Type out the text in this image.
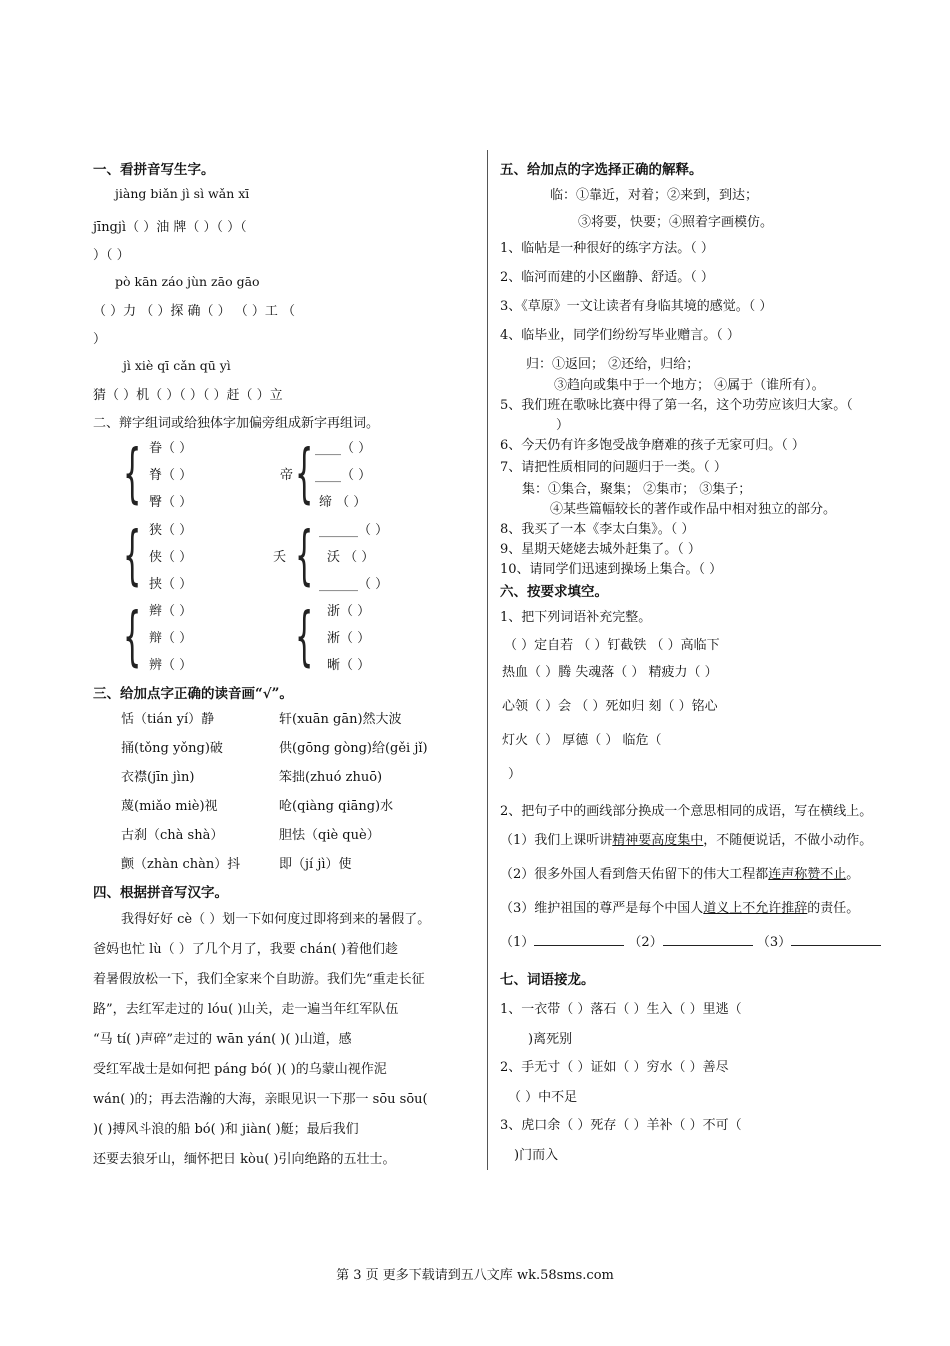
一、看拼音写生字。
jiàng biǎn jì sì wǎn xī
jīngjì（ ）油 牌（ ）（ ）（
）（ ）
pò kān záo jùn zāo gāo
（ ）力 （ ）探 确（ ） （ ）工 （
）
jì xiè qī cǎn qū yì
猜（ ）机（ ）（ ）（ ）赶（ ）立
二、辩字组词或给独体字加偏旁组成新字再组词。
{ 眷（ ）
脊（ ）
臀（ ）
帝 { ____（ ）
____（ ）
缔 （ ）
{ 狭（ ）
侠（ ）
挟（ ）
夭 { ______（ ）
沃 （ ）
______（ ）
{ 辫（ ）
辩（ ）
辨（ ） { 浙（ ）
淅（ ）
晰（ ）
三、给加点字正确的读音画“√”。
恬（tián yí）静	轩(xuān gān)然大波
捅(tǒng yǒng)破	供(gōng gòng)给(gěi jǐ)
衣襟(jīn jìn)	笨拙(zhuó zhuō)
蔑(miǎo miè)视	呛(qiàng qiāng)水
古刹（chà shà）	胆怯（qiè què）
颤（zhàn chàn）抖	即（jí jì）使
四、根据拼音写汉字。
我得好好 cè（ ）划一下如何度过即将到来的暑假了。
爸妈也忙 lù（ ）了几个月了，我要 chán( )着他们趁
着暑假放松一下，我们全家来个自助游。我们先“重走长征
路”，去红军走过的 lóu( )山关，走一遍当年红军队伍
“马 tí( )声碎”走过的 wān yán( )( )山道，感
受红军战士是如何把 páng bó( )( )的乌蒙山视作泥
wán( )的；再去浩瀚的大海，亲眼见识一下那一 sōu sōu(
)( )搏风斗浪的船 bó( )和 jiàn( )艇；最后我们
还要去狼牙山，缅怀把日 kòu( )引向绝路的五壮士。
五、给加点的字选择正确的解释。
临：①靠近，对着；②来到，到达；
③将要，快要；④照着字画模仿。
1、临帖是一种很好的练字方法。（ ）
2、临河而建的小区幽静、舒适。（ ）
3、《草原》一文让读者有身临其境的感觉。（ ）
4、临毕业，同学们纷纷写毕业赠言。（ ）
归：①返回； ②还给，归给；
③趋向或集中于一个地方； ④属于（谁所有）。
5、我们班在歌咏比赛中得了第一名，这个功劳应该归大家。（
）
6、今天仍有许多饱受战争磨难的孩子无家可归。（ ）
7、请把性质相同的问题归于一类。（ ）
集：①集合，聚集； ②集市； ③集子；
④某些篇幅较长的著作或作品中相对独立的部分。
8、我买了一本《李太白集》。（ ）
9、星期天姥姥去城外赶集了。（ ）
10、请同学们迅速到操场上集合。（ ）
六、按要求填空。
1、把下列词语补充完整。
（ ）定自若 （ ）钉截铁 （ ）高临下
热血（ ）腾 失魂落（ ） 精疲力（ ）
心领（ ）会 （ ）死如归 刻（ ）铭心
灯火（ ） 厚德（ ） 临危（
）
2、把句子中的画线部分换成一个意思相同的成语，写在横线上。
（1）我们上课听讲精神要高度集中，不随便说话，不做小动作。
（2）很多外国人看到詹天佑留下的伟大工程都连声称赞不止。
（3）维护祖国的尊严是每个中国人道义上不允许推辞的责任。
（1）	（2）	（3）
七、词语接龙。
1、一衣带（ ）落石（ ）生入（ ）里逃（
)离死别
2、手无寸（ ）证如（ ）穷水（ ）善尽
（ ）中不足
3、虎口余（ ）死存（ ）羊补（ ）不可（
)门而入
第 3 页 更多下载请到五八文库 wk.58sms.com
